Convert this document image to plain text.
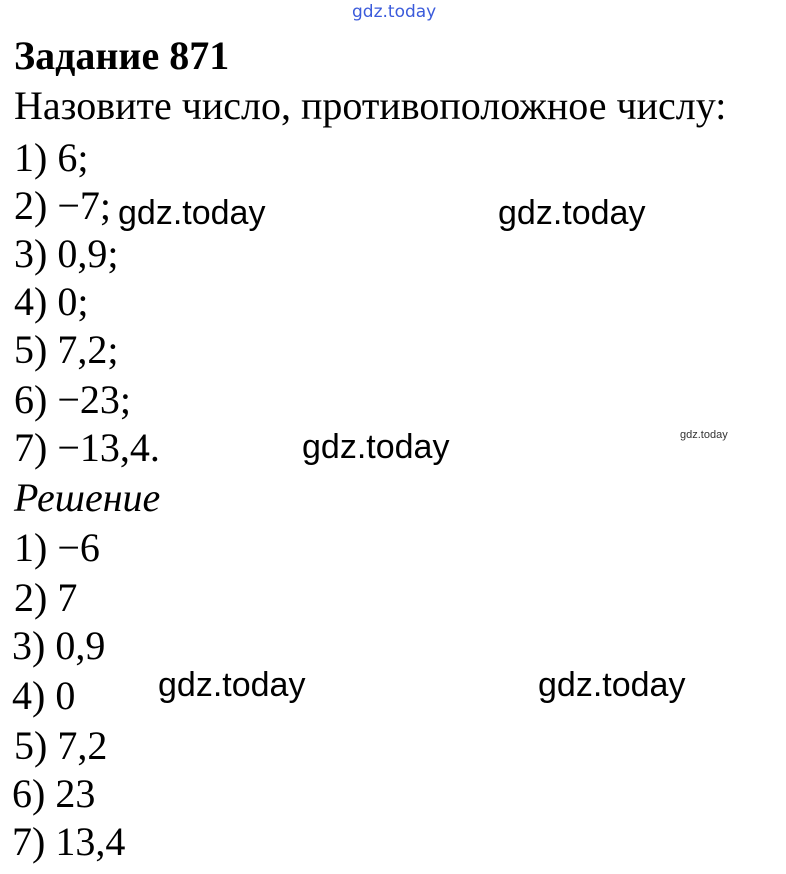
gdz.today
Задание 871
Назовите число, противоположное числу:
1) 6;
2) −7;
3) 0,9;
4) 0;
5) 7,2;
6) −23;
7) −13,4.
Решение
1) −6
2) 7
3) 0,9
4) 0
5) 7,2
6) 23
7) 13,4
gdz.today	gdz.today
gdz.today	gdz.today
gdz.today	gdz.today
